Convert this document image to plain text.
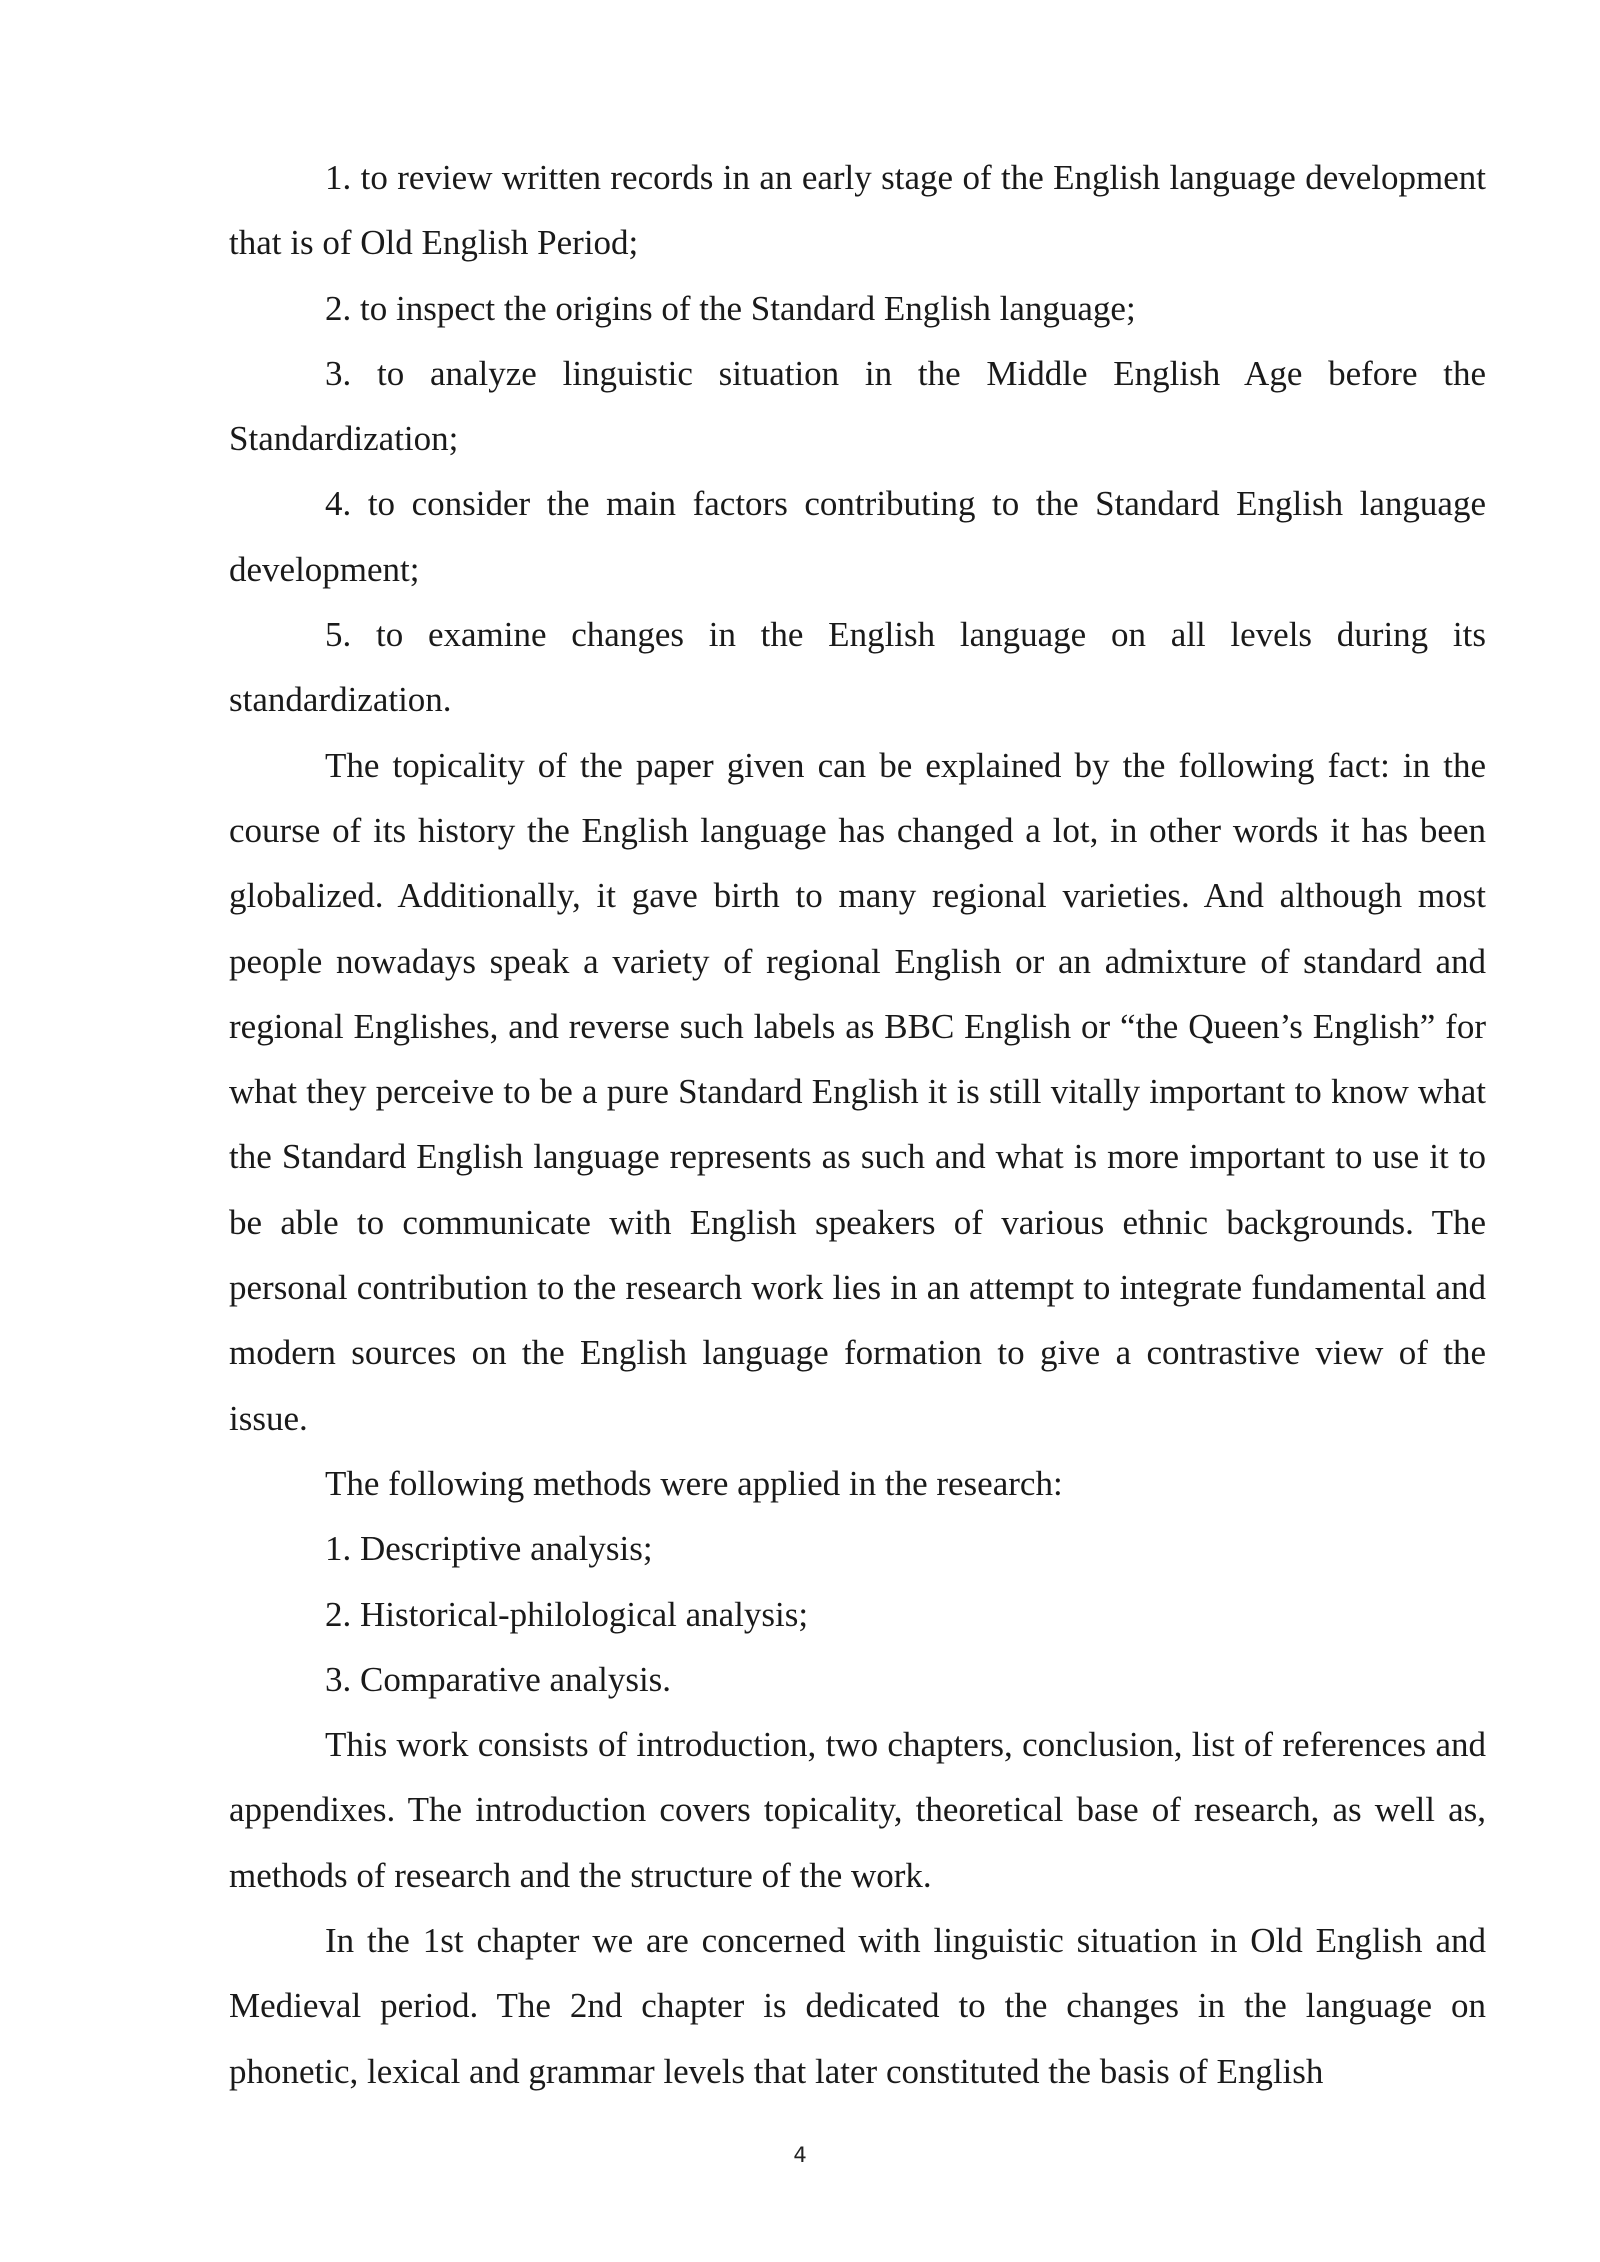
1. to review written records in an early stage of the English language development that is of Old English Period;

2. to inspect the origins of the Standard English language;

3. to analyze linguistic situation in the Middle English Age before the Standardization;

4. to consider the main factors contributing to the Standard English language development;

5. to examine changes in the English language on all levels during its standardization.

The topicality of the paper given can be explained by the following fact: in the course of its history the English language has changed a lot, in other words it has been globalized. Additionally, it gave birth to many regional varieties. And although most people nowadays speak a variety of regional English or an admixture of standard and regional Englishes, and reverse such labels as BBC English or “the Queen’s English” for what they perceive to be a pure Standard English it is still vitally important to know what the Standard English language represents as such and what is more important to use it to be able to communicate with English speakers of various ethnic backgrounds. The personal contribution to the research work lies in an attempt to integrate fundamental and modern sources on the English language formation to give a contrastive view of the issue.

The following methods were applied in the research:

1. Descriptive analysis;

2. Historical-philological analysis;

3. Comparative analysis.

This work consists of introduction, two chapters, conclusion, list of references and appendixes. The introduction covers topicality, theoretical base of research, as well as, methods of research and the structure of the work.

In the 1st chapter we are concerned with linguistic situation in Old English and Medieval period. The 2nd chapter is dedicated to the changes in the language on phonetic, lexical and grammar levels that later constituted the basis of English

4
